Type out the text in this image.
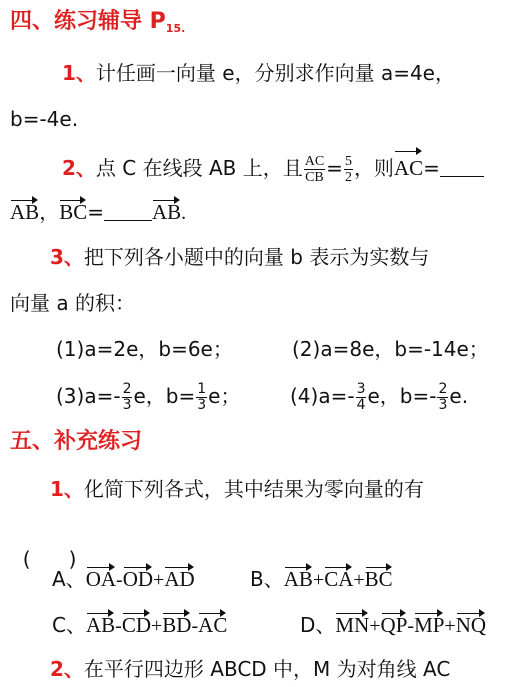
四、练习辅导 $P_{15.}$
1、计任画一向量 e，分别求作向量 a=4e，
b=-4e.
2、点 C 在线段 AB 上，且 $\frac{AC}{CB} = \frac{5}{2}$ ，则AC=
AB，BC= AB.
3、把下列各小题中的向量 b 表示为实数与
向量 a 的积：
(1)a=2e，b=6e；	(2)a=8e，b=-14e；
$(3)a=- \frac{2}{3}$ e，$b= \frac{1}{3}$ e； $(4)a=- \frac{3}{4}$ e，$b=- \frac{2}{3} e$.
五、补充练习
1、化简下列各式，其中结果为零向量的有

(      )

A、OA-OD+AD	B、AB+CA+BC
C、AB-CD+BD-AC	D、MN+QP-MP+NQ
2、在平行四边形 ABCD 中，M 为对角线 AC
